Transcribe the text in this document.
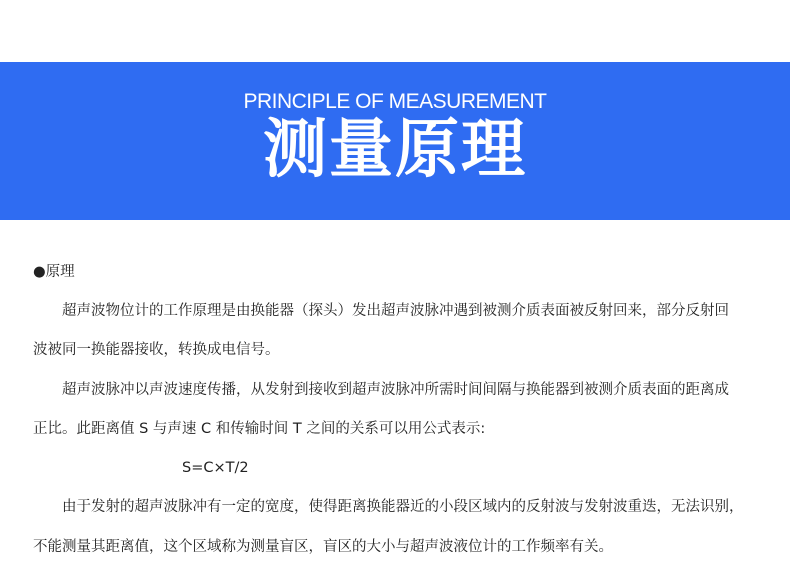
PRINCIPLE OF MEASUREMENT
测量原理
●原理
超声波物位计的工作原理是由换能器（探头）发出超声波脉冲遇到被测介质表面被反射回来，部分反射回
波被同一换能器接收，转换成电信号。
超声波脉冲以声波速度传播，从发射到接收到超声波脉冲所需时间间隔与换能器到被测介质表面的距离成
正比。此距离值 S 与声速 C 和传输时间 T 之间的关系可以用公式表示:
S=C×T/2
由于发射的超声波脉冲有一定的宽度，使得距离换能器近的小段区域内的反射波与发射波重迭，无法识别，
不能测量其距离值，这个区域称为测量盲区，盲区的大小与超声波液位计的工作频率有关。
